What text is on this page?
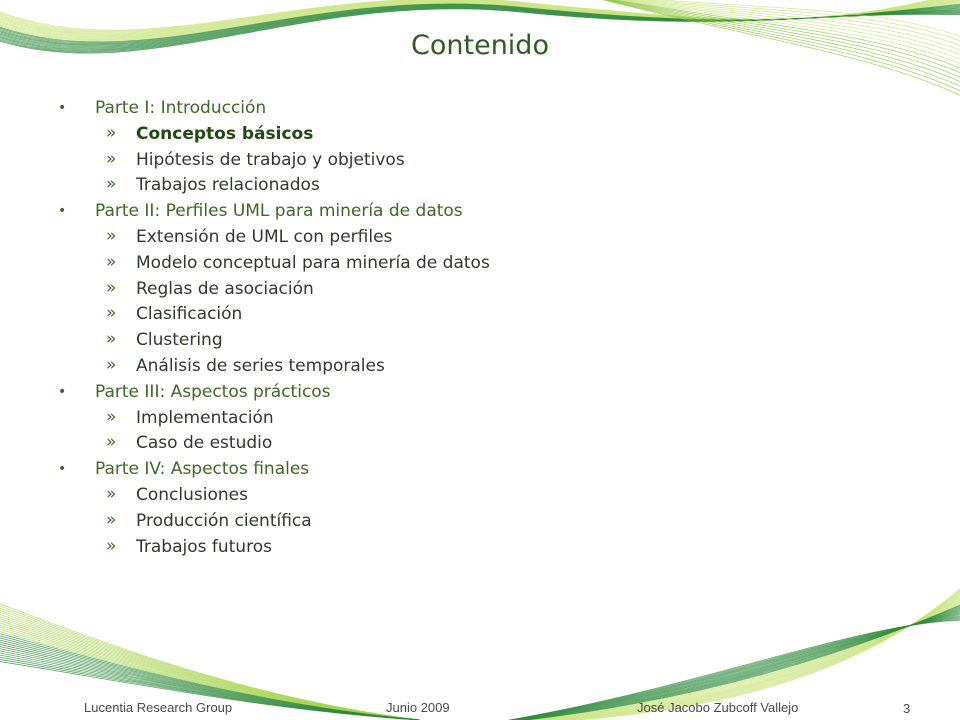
Contenido
• Parte I: Introducción
» Conceptos básicos
» Hipótesis de trabajo y objetivos
» Trabajos relacionados
• Parte II: Perfiles UML para minería de datos
» Extensión de UML con perfiles
» Modelo conceptual para minería de datos
» Reglas de asociación
» Clasificación
» Clustering
» Análisis de series temporales
• Parte III: Aspectos prácticos
» Implementación
» Caso de estudio
• Parte IV: Aspectos finales
» Conclusiones
» Producción científica
» Trabajos futuros
Lucentia Research Group	Junio 2009	José Jacobo Zubcoff Vallejo	3
